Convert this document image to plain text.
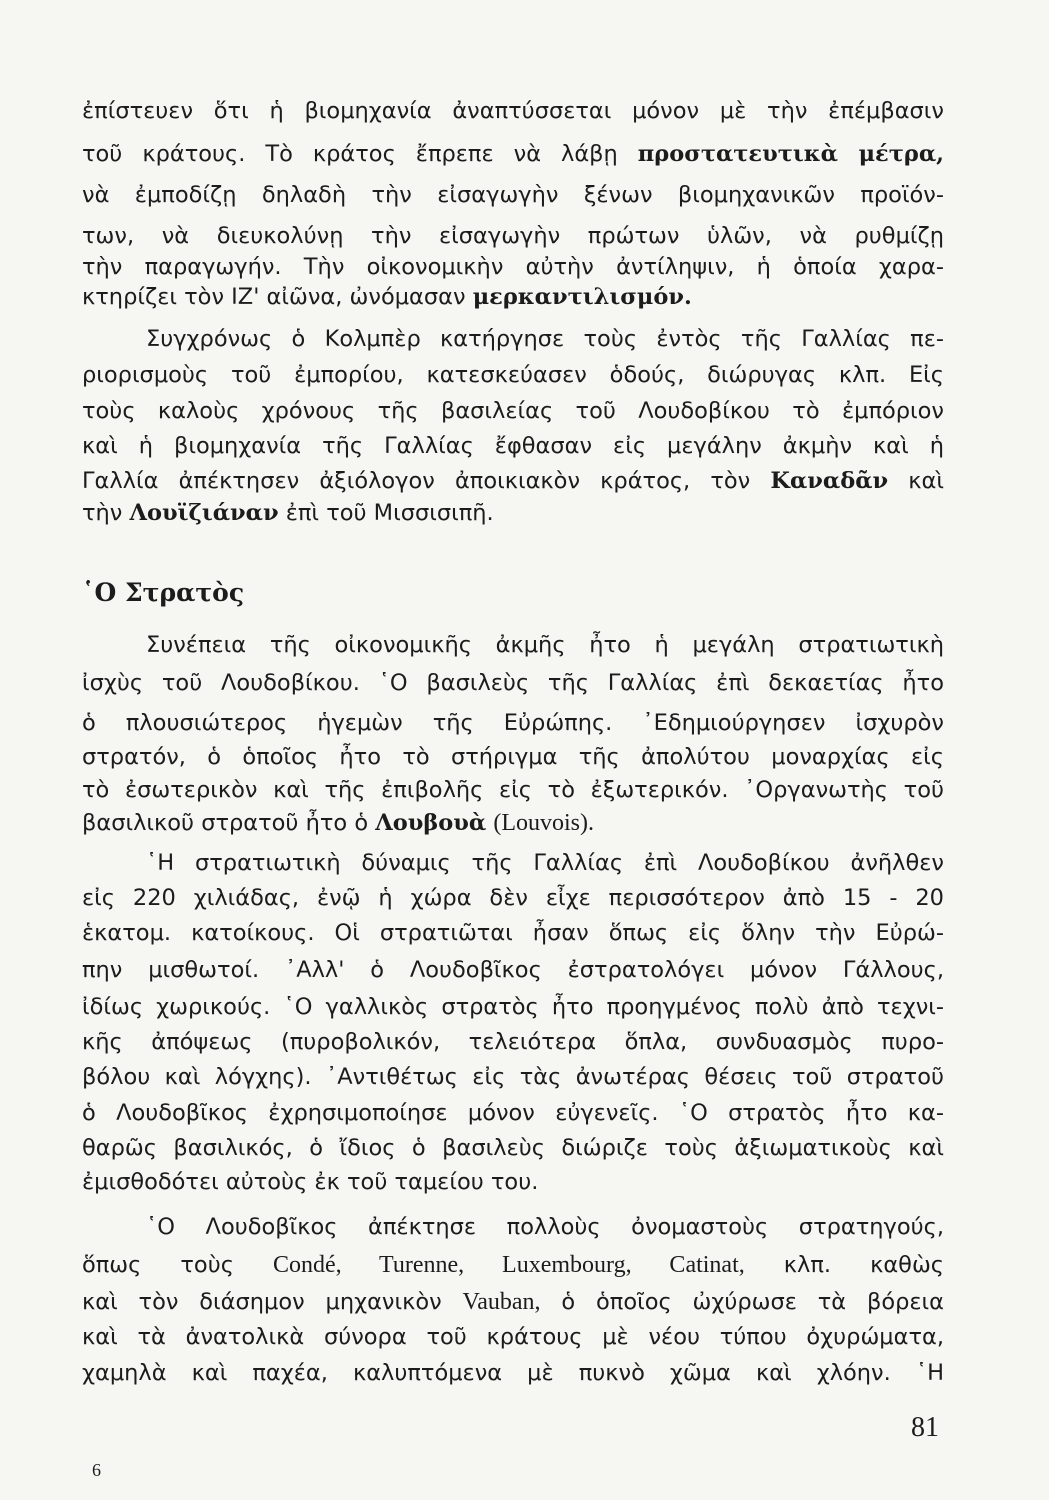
ἐπίστευεν ὅτι ἡ βιομηχανία ἀναπτύσσεται μόνον μὲ τὴν ἐπέμβασιν
τοῦ κράτους. Τὸ κράτος ἔπρεπε νὰ λάβῃ προστατευτικὰ μέτρα,
νὰ ἐμποδίζῃ δηλαδὴ τὴν εἰσαγωγὴν ξένων βιομηχανικῶν προϊόν-
των, νὰ διευκολύνῃ τὴν εἰσαγωγὴν πρώτων ὑλῶν, νὰ ρυθμίζῃ
τὴν παραγωγήν. Τὴν οἰκονομικὴν αὐτὴν ἀντίληψιν, ἡ ὁποία χαρα-
κτηρίζει τὸν ΙΖ' αἰῶνα, ὠνόμασαν μερκαντιλισμόν.
Συγχρόνως ὁ Κολμπὲρ κατήργησε τοὺς ἐντὸς τῆς Γαλλίας πε-
ριορισμοὺς τοῦ ἐμπορίου, κατεσκεύασεν ὁδούς, διώρυγας κλπ. Εἰς
τοὺς καλοὺς χρόνους τῆς βασιλείας τοῦ Λουδοβίκου τὸ ἐμπόριον
καὶ ἡ βιομηχανία τῆς Γαλλίας ἔφθασαν εἰς μεγάλην ἀκμὴν καὶ ἡ
Γαλλία ἀπέκτησεν ἀξιόλογον ἀποικιακὸν κράτος, τὸν Καναδᾶν καὶ
τὴν Λουϊζιάναν ἐπὶ τοῦ Μισσισιπῆ.
῾Ο Στρατὸς
Συνέπεια τῆς οἰκονομικῆς ἀκμῆς ἦτο ἡ μεγάλη στρατιωτικὴ
ἰσχὺς τοῦ Λουδοβίκου. ῾Ο βασιλεὺς τῆς Γαλλίας ἐπὶ δεκαετίας ἦτο
ὁ πλουσιώτερος ἡγεμὼν τῆς Εὐρώπης. ᾿Εδημιούργησεν ἰσχυρὸν
στρατόν, ὁ ὁποῖος ἦτο τὸ στήριγμα τῆς ἀπολύτου μοναρχίας εἰς
τὸ ἐσωτερικὸν καὶ τῆς ἐπιβολῆς εἰς τὸ ἐξωτερικόν. ᾿Οργανωτὴς τοῦ
βασιλικοῦ στρατοῦ ἦτο ὁ Λουβουὰ (Louvois).
῾Η στρατιωτικὴ δύναμις τῆς Γαλλίας ἐπὶ Λουδοβίκου ἀνῆλθεν
εἰς 220 χιλιάδας, ἐνῷ ἡ χώρα δὲν εἶχε περισσότερον ἀπὸ 15 - 20
ἑκατομ. κατοίκους. Οἱ στρατιῶται ἦσαν ὅπως εἰς ὅλην τὴν Εὐρώ-
πην μισθωτοί. ᾿Αλλ' ὁ Λουδοβῖκος ἐστρατολόγει μόνον Γάλλους,
ἰδίως χωρικούς. ῾Ο γαλλικὸς στρατὸς ἦτο προηγμένος πολὺ ἀπὸ τεχνι-
κῆς ἀπόψεως (πυροβολικόν, τελειότερα ὅπλα, συνδυασμὸς πυρο-
βόλου καὶ λόγχης). ᾿Αντιθέτως εἰς τὰς ἀνωτέρας θέσεις τοῦ στρατοῦ
ὁ Λουδοβῖκος ἐχρησιμοποίησε μόνον εὐγενεῖς. ῾Ο στρατὸς ἦτο κα-
θαρῶς βασιλικός, ὁ ἴδιος ὁ βασιλεὺς διώριζε τοὺς ἀξιωματικοὺς καὶ
ἐμισθοδότει αὐτοὺς ἐκ τοῦ ταμείου του.
῾Ο Λουδοβῖκος ἀπέκτησε πολλοὺς ὀνομαστοὺς στρατηγούς,
ὅπως τοὺς Condé, Turenne, Luxembourg, Catinat, κλπ. καθὼς
καὶ τὸν διάσημον μηχανικὸν Vauban, ὁ ὁποῖος ὠχύρωσε τὰ βόρεια
καὶ τὰ ἀνατολικὰ σύνορα τοῦ κράτους μὲ νέου τύπου ὀχυρώματα,
χαμηλὰ καὶ παχέα, καλυπτόμενα μὲ πυκνὸ χῶμα καὶ χλόην. ῾Η
81
6
